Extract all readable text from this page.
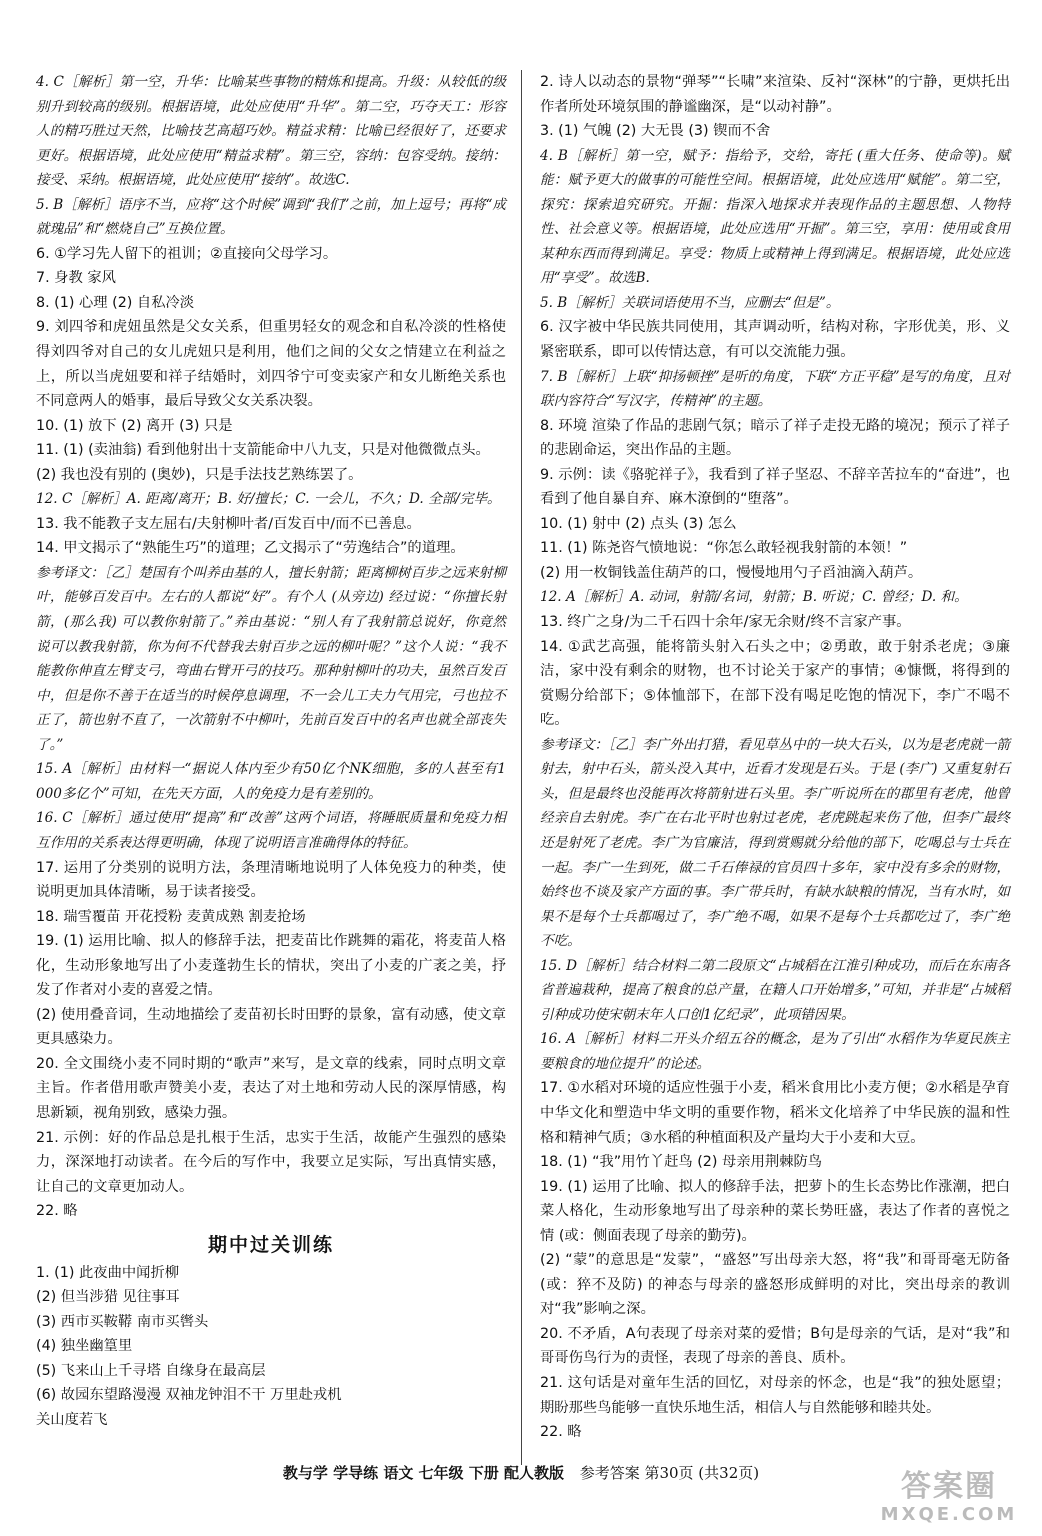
4. C［解析］第一空，升华：比喻某些事物的精炼和提高。升级：从较低的级别升到较高的级别。根据语境，此处应使用“升华”。第二空，巧夺天工：形容人的精巧胜过天然，比喻技艺高超巧妙。精益求精：比喻已经很好了，还要求更好。根据语境，此处应使用“精益求精”。第三空，容纳：包容受纳。接纳：接受、采纳。根据语境，此处应使用“接纳”。故选C.

5. B［解析］语序不当，应将“这个时候”调到“我们”之前，加上逗号；再将“成就瑰品”和“燃烧自己”互换位置。

6. ①学习先人留下的祖训；②直接向父母学习。

7. 身教 家风

8. (1) 心理 (2) 自私冷淡

9. 刘四爷和虎妞虽然是父女关系，但重男轻女的观念和自私冷淡的性格使得刘四爷对自己的女儿虎妞只是利用，他们之间的父女之情建立在利益之上，所以当虎妞要和祥子结婚时，刘四爷宁可变卖家产和女儿断绝关系也不同意两人的婚事，最后导致父女关系决裂。

10. (1) 放下 (2) 离开 (3) 只是

11. (1) (卖油翁) 看到他射出十支箭能命中八九支，只是对他微微点头。
(2) 我也没有别的 (奥妙)，只是手法技艺熟练罢了。

12. C［解析］A. 距离/离开；B. 好/擅长；C. 一会儿，不久；D. 全部/完毕。

13. 我不能教子支左屈右/夫射柳叶者/百发百中/而不已善息。

14. 甲文揭示了“熟能生巧”的道理；乙文揭示了“劳逸结合”的道理。

参考译文：［乙］楚国有个叫养由基的人，擅长射箭；距离柳树百步之远来射柳叶，能够百发百中。左右的人都说“好”。有个人 (从旁边) 经过说：“你擅长射箭，(那么我) 可以教你射箭了。”养由基说：“别人有了我射箭总说好，你竟然说可以教我射箭，你为何不代替我去射百步之远的柳叶呢？”这个人说：“我不能教你伸直左臂支弓，弯曲右臂开弓的技巧。那种射柳叶的功夫，虽然百发百中，但是你不善于在适当的时候停息调理，不一会儿工夫力气用完，弓也拉不正了，箭也射不直了，一次箭射不中柳叶，先前百发百中的名声也就全部丧失了。”

15. A［解析］由材料一“据说人体内至少有50亿个NK细胞，多的人甚至有1 000多亿个”可知，在先天方面，人的免疫力是有差别的。

16. C［解析］通过使用“提高”和“改善”这两个词语，将睡眠质量和免疫力相互作用的关系表达得更明确，体现了说明语言准确得体的特征。

17. 运用了分类别的说明方法，条理清晰地说明了人体免疫力的种类，使说明更加具体清晰，易于读者接受。

18. 瑞雪覆苗 开花授粉 麦黄成熟 割麦抢场

19. (1) 运用比喻、拟人的修辞手法，把麦苗比作跳舞的霜花，将麦苗人格化，生动形象地写出了小麦蓬勃生长的情状，突出了小麦的广袤之美，抒发了作者对小麦的喜爱之情。
(2) 使用叠音词，生动地描绘了麦苗初长时田野的景象，富有动感，使文章更具感染力。

20. 全文围绕小麦不同时期的“歌声”来写，是文章的线索，同时点明文章主旨。作者借用歌声赞美小麦，表达了对土地和劳动人民的深厚情感，构思新颖，视角别致，感染力强。

21. 示例：好的作品总是扎根于生活，忠实于生活，故能产生强烈的感染力，深深地打动读者。在今后的写作中，我要立足实际，写出真情实感，让自己的文章更加动人。

22. 略

期中过关训练

1. (1) 此夜曲中闻折柳
(2) 但当涉猎 见往事耳
(3) 西市买鞍鞯 南市买辔头
(4) 独坐幽篁里
(5) 飞来山上千寻塔 自缘身在最高层
(6) 故园东望路漫漫 双袖龙钟泪不干 万里赴戎机
关山度若飞

2. 诗人以动态的景物“弹琴”“长啸”来渲染、反衬“深林”的宁静，更烘托出作者所处环境氛围的静谧幽深，是“以动衬静”。

3. (1) 气魄 (2) 大无畏 (3) 锲而不舍

4. B［解析］第一空，赋予：指给予，交给，寄托 (重大任务、使命等)。赋能：赋予更大的做事的可能性空间。根据语境，此处应选用“赋能”。第二空，探究：探索追究研究。开掘：指深入地探求并表现作品的主题思想、人物特性、社会意义等。根据语境，此处应选用“开掘”。第三空，享用：使用或食用某种东西而得到满足。享受：物质上或精神上得到满足。根据语境，此处应选用“享受”。故选B.

5. B［解析］关联词语使用不当，应删去“但是”。

6. 汉字被中华民族共同使用，其声调动听，结构对称，字形优美，形、义紧密联系，即可以传情达意，有可以交流能力强。

7. B［解析］上联“抑扬顿挫”是听的角度，下联“方正平稳”是写的角度，且对联内容符合“写汉字，传精神”的主题。

8. 环境 渲染了作品的悲剧气氛；暗示了祥子走投无路的境况；预示了祥子的悲剧命运，突出作品的主题。

9. 示例：读《骆驼祥子》，我看到了祥子坚忍、不辞辛苦拉车的“奋进”，也看到了他自暴自弃、麻木潦倒的“堕落”。

10. (1) 射中 (2) 点头 (3) 怎么

11. (1) 陈尧咨气愤地说：“你怎么敢轻视我射箭的本领！”
(2) 用一枚铜钱盖住葫芦的口，慢慢地用勺子舀油滴入葫芦。

12. A［解析］A. 动词，射箭/名词，射箭；B. 听说；C. 曾经；D. 和。

13. 终广之身/为二千石四十余年/家无余财/终不言家产事。

14. ①武艺高强，能将箭头射入石头之中；②勇敢，敢于射杀老虎；③廉洁，家中没有剩余的财物，也不讨论关于家产的事情；④慷慨，将得到的赏赐分给部下；⑤体恤部下，在部下没有喝足吃饱的情况下，李广不喝不吃。

参考译文：［乙］李广外出打猎，看见草丛中的一块大石头，以为是老虎就一箭射去，射中石头，箭头没入其中，近看才发现是石头。于是 (李广) 又重复射石头，但是最终也没能再次将箭射进石头里。李广听说所在的郡里有老虎，他曾经亲自去射虎。李广在右北平时也射过老虎，老虎跳起来伤了他，但李广最终还是射死了老虎。李广为官廉洁，得到赏赐就分给他的部下，吃喝总与士兵在一起。李广一生到死，做二千石俸禄的官员四十多年，家中没有多余的财物，始终也不谈及家产方面的事。李广带兵时，有缺水缺粮的情况，当有水时，如果不是每个士兵都喝过了，李广绝不喝，如果不是每个士兵都吃过了，李广绝不吃。

15. D［解析］结合材料二第二段原文“占城稻在江淮引种成功，而后在东南各省普遍栽种，提高了粮食的总产量，在籍人口开始增多，”可知，并非是“占城稻引种成功使宋朝末年人口创1亿纪录”，此项错因果。

16. A［解析］材料二开头介绍五谷的概念，是为了引出“水稻作为华夏民族主要粮食的地位提升”的论述。

17. ①水稻对环境的适应性强于小麦，稻米食用比小麦方便；②水稻是孕育中华文化和塑造中华文明的重要作物，稻米文化培养了中华民族的温和性格和精神气质；③水稻的种植面积及产量均大于小麦和大豆。

18. (1) “我”用竹丫赶鸟 (2) 母亲用荆棘防鸟

19. (1) 运用了比喻、拟人的修辞手法，把萝卜的生长态势比作涨潮，把白菜人格化，生动形象地写出了母亲种的菜长势旺盛，表达了作者的喜悦之情 (或：侧面表现了母亲的勤劳)。
(2) “蒙”的意思是“发蒙”，“盛怒”写出母亲大怒，将“我”和哥哥毫无防备 (或：猝不及防) 的神态与母亲的盛怒形成鲜明的对比，突出母亲的教训对“我”影响之深。

20. 不矛盾，A句表现了母亲对菜的爱惜；B句是母亲的气话，是对“我”和哥哥伤鸟行为的责怪，表现了母亲的善良、质朴。

21. 这句话是对童年生活的回忆，对母亲的怀念，也是“我”的独处愿望；期盼那些鸟能够一直快乐地生活，相信人与自然能够和睦共处。

22. 略

教与学 学导练 语文 七年级 下册 配人教版 参考答案 第30页 (共32页)	答案圈
MXQE.COM
